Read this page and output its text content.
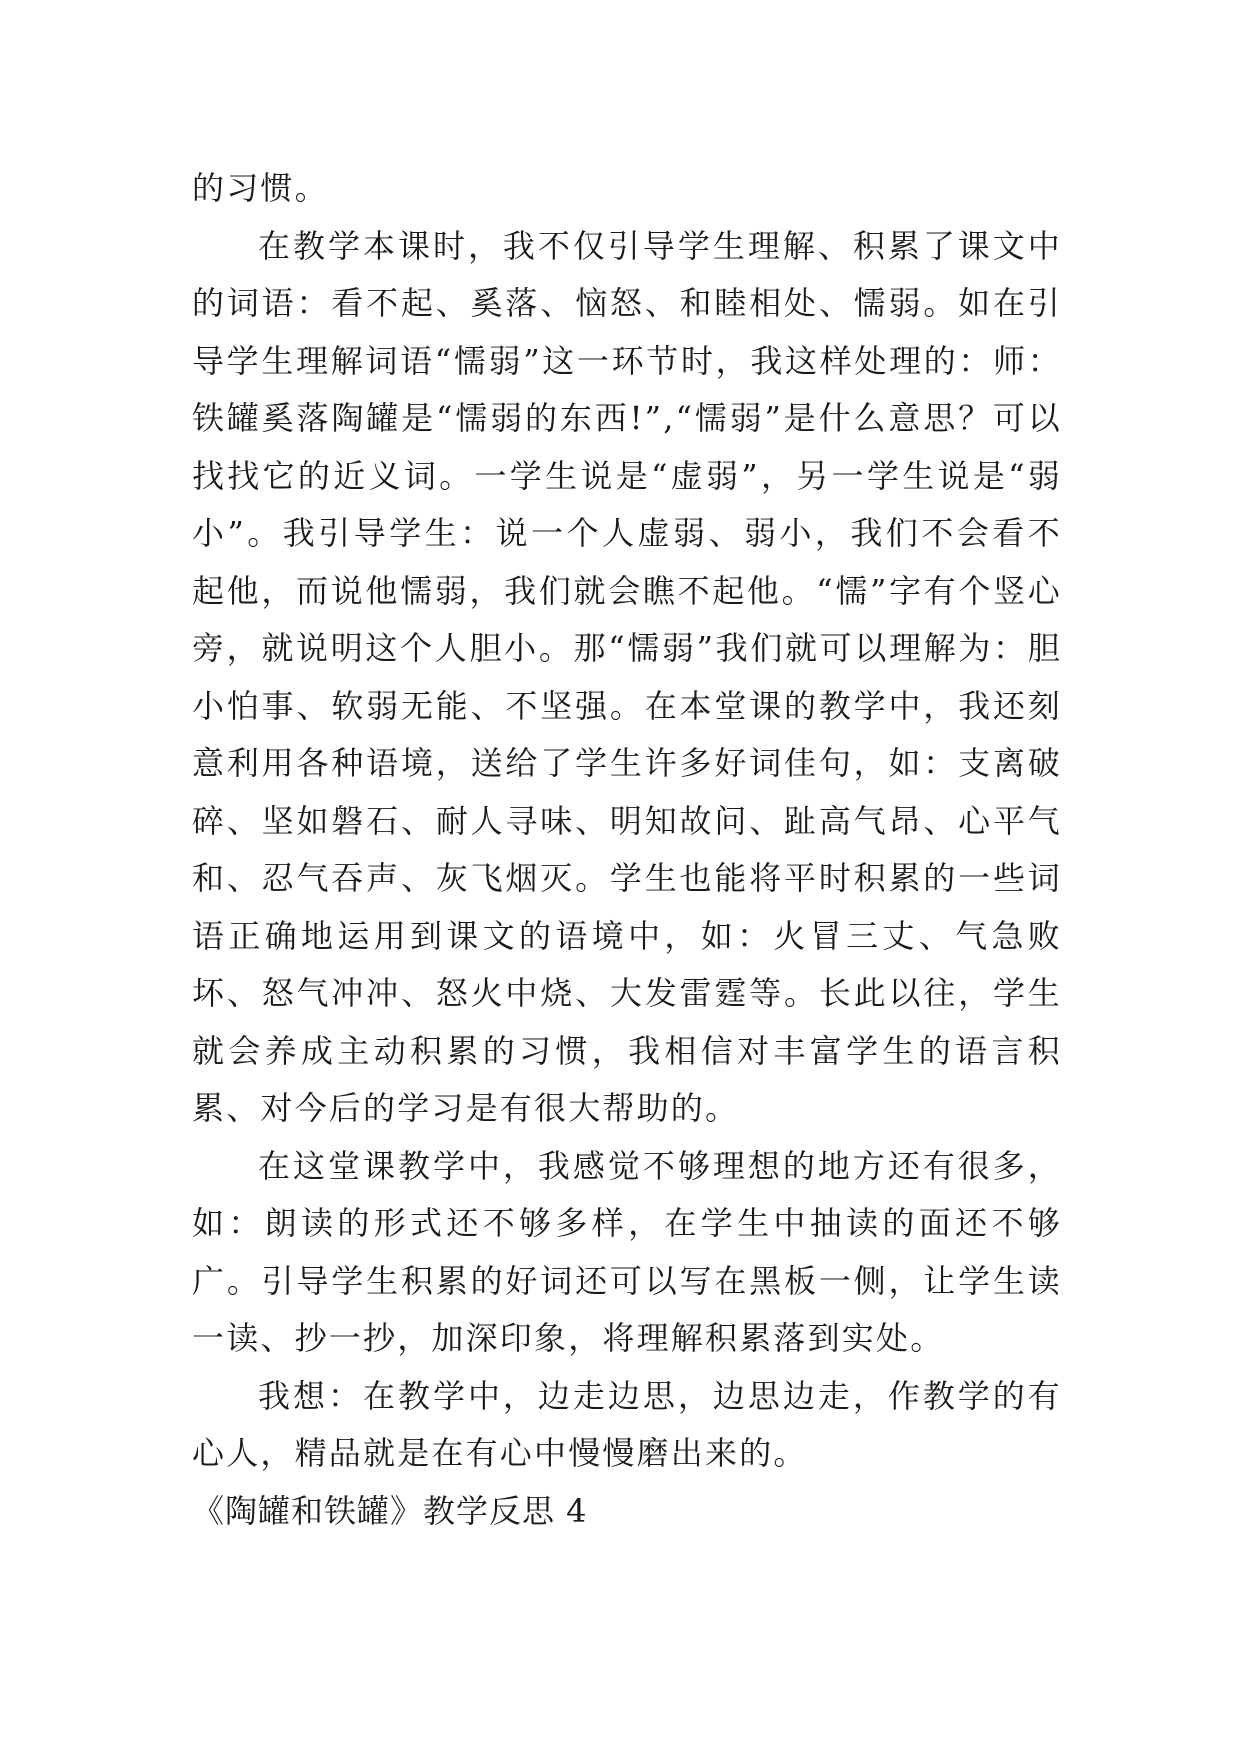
的习惯。

在教学本课时，我不仅引导学生理解、积累了课文中的词语：看不起、奚落、恼怒、和睦相处、懦弱。如在引导学生理解词语“懦弱”这一环节时，我这样处理的：师：铁罐奚落陶罐是“懦弱的东西!”,“懦弱”是什么意思？可以找找它的近义词。一学生说是“虚弱”，另一学生说是“弱小”。我引导学生：说一个人虚弱、弱小，我们不会看不起他，而说他懦弱，我们就会瞧不起他。“懦”字有个竖心旁，就说明这个人胆小。那“懦弱”我们就可以理解为：胆小怕事、软弱无能、不坚强。在本堂课的教学中，我还刻意利用各种语境，送给了学生许多好词佳句，如：支离破碎、坚如磐石、耐人寻味、明知故问、趾高气昂、心平气和、忍气吞声、灰飞烟灭。学生也能将平时积累的一些词语正确地运用到课文的语境中，如：火冒三丈、气急败坏、怒气冲冲、怒火中烧、大发雷霆等。长此以往，学生就会养成主动积累的习惯，我相信对丰富学生的语言积累、对今后的学习是有很大帮助的。

在这堂课教学中，我感觉不够理想的地方还有很多，如：朗读的形式还不够多样，在学生中抽读的面还不够广。引导学生积累的好词还可以写在黑板一侧，让学生读一读、抄一抄，加深印象，将理解积累落到实处。

我想：在教学中，边走边思，边思边走，作教学的有心人，精品就是在有心中慢慢磨出来的。

《陶罐和铁罐》教学反思 4
